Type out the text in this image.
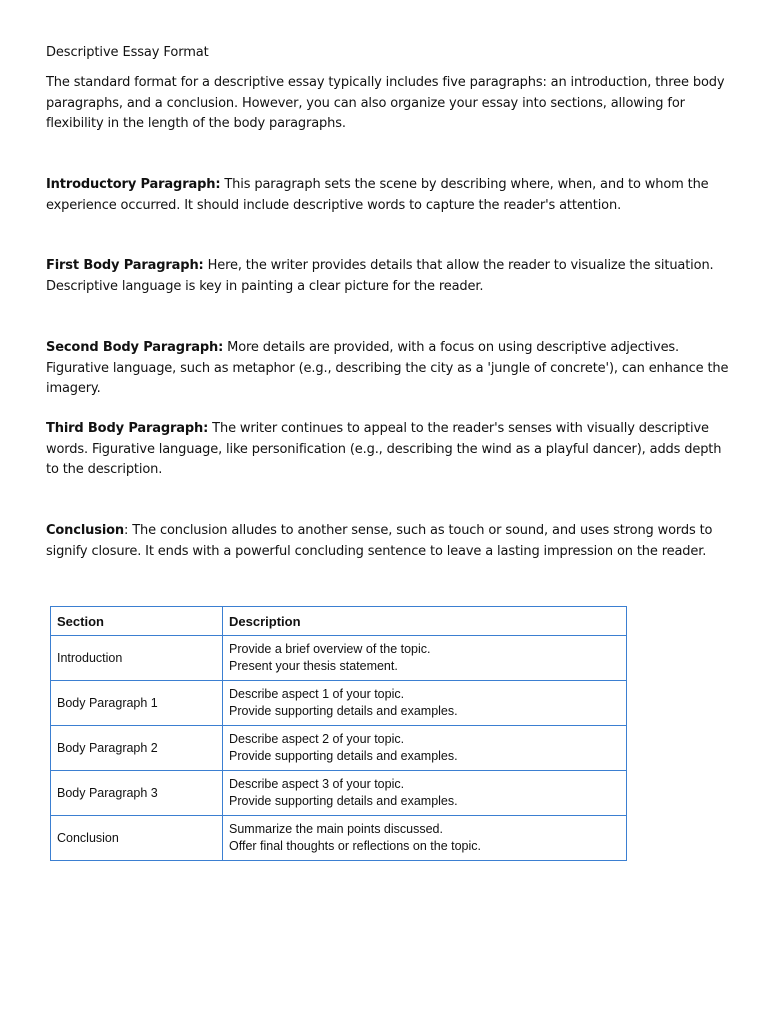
Descriptive Essay Format

The standard format for a descriptive essay typically includes five paragraphs: an introduction, three body paragraphs, and a conclusion. However, you can also organize your essay into sections, allowing for flexibility in the length of the body paragraphs.

Introductory Paragraph: This paragraph sets the scene by describing where, when, and to whom the experience occurred. It should include descriptive words to capture the reader's attention.

First Body Paragraph: Here, the writer provides details that allow the reader to visualize the situation. Descriptive language is key in painting a clear picture for the reader.

Second Body Paragraph: More details are provided, with a focus on using descriptive adjectives. Figurative language, such as metaphor (e.g., describing the city as a 'jungle of concrete'), can enhance the imagery.

Third Body Paragraph: The writer continues to appeal to the reader's senses with visually descriptive words. Figurative language, like personification (e.g., describing the wind as a playful dancer), adds depth to the description.

Conclusion: The conclusion alludes to another sense, such as touch or sound, and uses strong words to signify closure. It ends with a powerful concluding sentence to leave a lasting impression on the reader.

Section	Description
Introduction	Provide a brief overview of the topic.
Present your thesis statement.

Body Paragraph 1	Describe aspect 1 of your topic.
Provide supporting details and examples.

Body Paragraph 2	Describe aspect 2 of your topic.
Provide supporting details and examples.

Body Paragraph 3	Describe aspect 3 of your topic.
Provide supporting details and examples.

Conclusion	Summarize the main points discussed.
Offer final thoughts or reflections on the topic.
